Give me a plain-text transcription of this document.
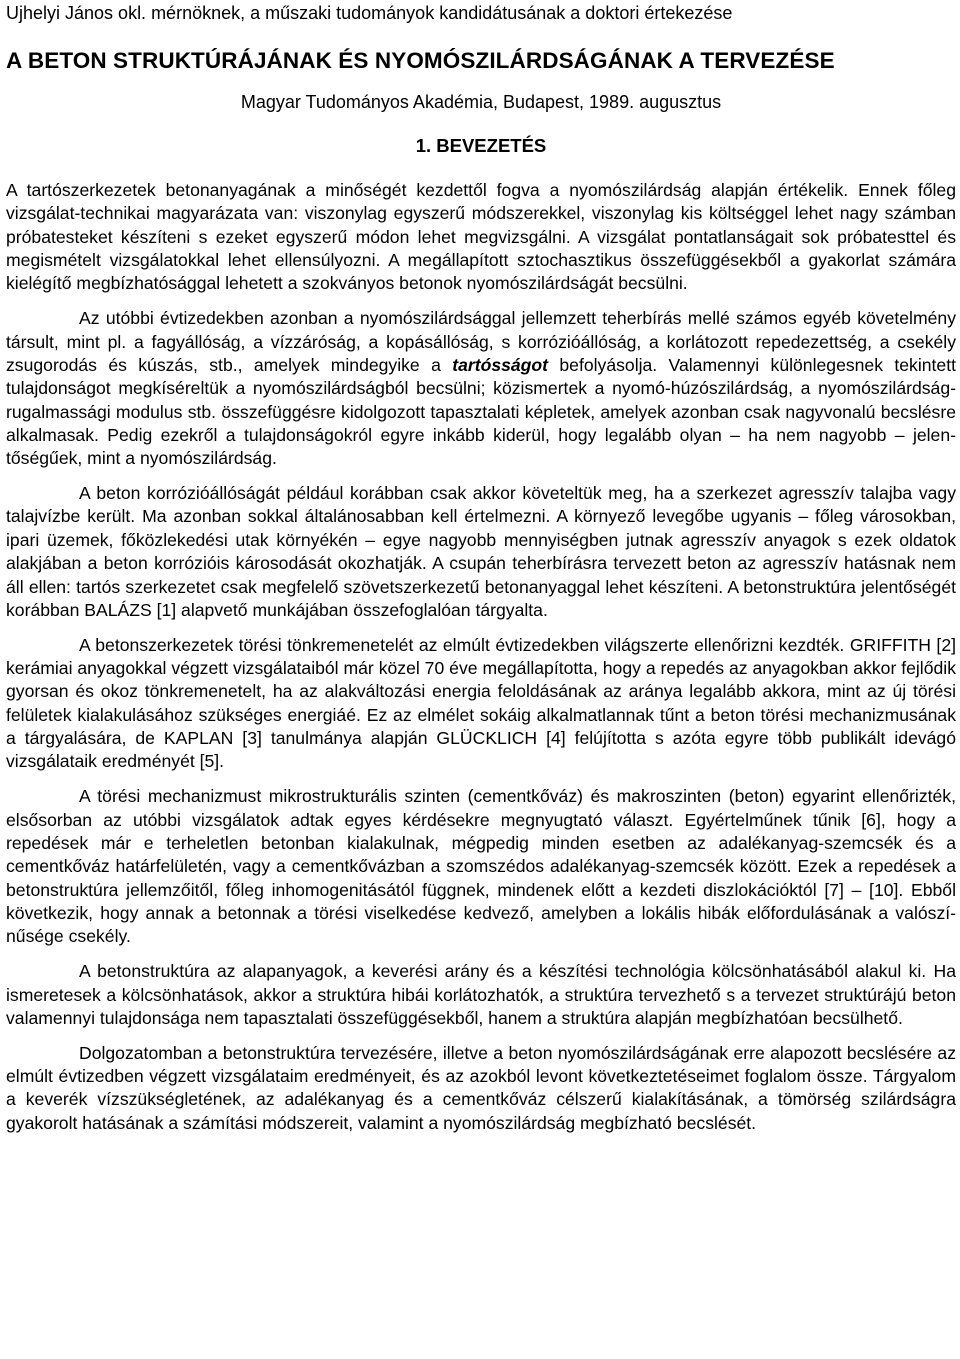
Ujhelyi János okl. mérnöknek, a műszaki tudományok kandidátusának a doktori értekezése
A BETON STRUKTÚRÁJÁNAK ÉS NYOMÓSZILÁRDSÁGÁNAK A TERVEZÉSE
Magyar Tudományos Akadémia, Budapest, 1989. augusztus
1. BEVEZETÉS

A tartószerkezetek betonanyagának a minőségét kezdettől fogva a nyomószilárdság alapján értékelik. Ennek főleg vizsgálat-technikai magyarázata van: viszonylag egyszerű módszerekkel, viszonylag kis költséggel lehet nagy számban próbatesteket készíteni s ezeket egyszerű módon lehet megvizsgálni. A vizsgálat pontatlanságait sok próbatesttel és megismételt vizsgálatokkal lehet ellensúlyozni. A megállapított sztochasztikus összefüggésekből a gyakorlat számára kielégítő megbízhatósággal lehetett a szokványos betonok nyomószilárdságát becsülni.

Az utóbbi évtizedekben azonban a nyomószilárdsággal jellemzett teherbírás mellé számos egyéb követelmény társult, mint pl. a fagyállóság, a vízzáróság, a kopásállóság, s korrózióállóság, a korlátozott repedezettség, a csekély zsugorodás és kúszás, stb., amelyek mindegyike a tartósságot befolyásolja. Valamennyi különlegesnek tekintett tulajdonságot megkíséreltük a nyomószilárdságból becsülni; közismertek a nyomó-húzószilárdság, a nyomószilárdság-rugalmassági modulus stb. összefüggésre kidolgozott tapasztalati képletek, amelyek azonban csak nagyvonalú becslésre alkalmasak. Pedig ezekről a tulajdonságokról egyre inkább kiderül, hogy legalább olyan – ha nem nagyobb – jelentőségűek, mint a nyomószilárdság.

A beton korrózióállóságát például korábban csak akkor követeltük meg, ha a szerkezet agresszív talajba vagy talajvízbe került. Ma azonban sokkal általánosabban kell értelmezni. A környező levegőbe ugyanis – főleg városokban, ipari üzemek, főközlekedési utak környékén – egye nagyobb mennyiségben jutnak agresszív anyagok s ezek oldatok alakjában a beton korrózióis károsodását okozhatják. A csupán teherbírásra tervezett beton az agresszív hatásnak nem áll ellen: tartós szerkezetet csak megfelelő szövetszerkezetű betonanyaggal lehet készíteni. A betonstruktúra jelentőségét korábban BALÁZS [1] alapvető munkájában összefoglalóan tárgyalta.

A betonszerkezetek törési tönkremenetelét az elmúlt évtizedekben világszerte ellenőrizni kezdték. GRIFFITH [2] kerámiai anyagokkal végzett vizsgálataiból már közel 70 éve megállapította, hogy a repedés az anyagokban akkor fejlődik gyorsan és okoz tönkremenetelt, ha az alakváltozási energia feloldásának az aránya legalább akkora, mint az új törési felületek kialakulásához szükséges energiáé. Ez az elmélet sokáig alkalmatlannak tűnt a beton törési mechanizmusának a tárgyalására, de KAPLAN [3] tanulmánya alapján GLÜCKLICH [4] felújította s azóta egyre több publikált idevágó vizsgálataik eredményét [5].

A törési mechanizmust mikrostrukturális szinten (cementkőváz) és makroszinten (beton) egyarint ellenőrizték, elsősorban az utóbbi vizsgálatok adtak egyes kérdésekre megnyugtató választ. Egyértelműnek tűnik [6], hogy a repedések már e terheletlen betonban kialakulnak, mégpedig minden esetben az adalékanyag-szemcsék és a cementkőváz határfelületén, vagy a cementkővázban a szomszédos adalékanyag-szemcsék között. Ezek a repedések a betonstruktúra jellemzőitől, főleg inhomogenitásától függnek, mindenek előtt a kezdeti diszlokációktól [7] – [10]. Ebből következik, hogy annak a betonnak a törési viselkedése kedvező, amelyben a lokális hibák előfordulásának a valószínűsége csekély.

A betonstruktúra az alapanyagok, a keverési arány és a készítési technológia kölcsönhatásából alakul ki. Ha ismeretesek a kölcsönhatások, akkor a struktúra hibái korlátozhatók, a struktúra tervezhető s a tervezet struktúrájú beton valamennyi tulajdonsága nem tapasztalati összefüggésekből, hanem a struktúra alapján megbízhatóan becsülhető.

Dolgozatomban a betonstruktúra tervezésére, illetve a beton nyomószilárdságának erre alapozott becslésére az elmúlt évtizedben végzett vizsgálataim eredményeit, és az azokból levont következtetéseimet foglalom össze. Tárgyalom a keverék vízszükségletének, az adalékanyag és a cementkőváz célszerű kialakításának, a tömörség szilárdságra gyakorolt hatásának a számítási módszereit, valamint a nyomószilárdság megbízható becslését.
